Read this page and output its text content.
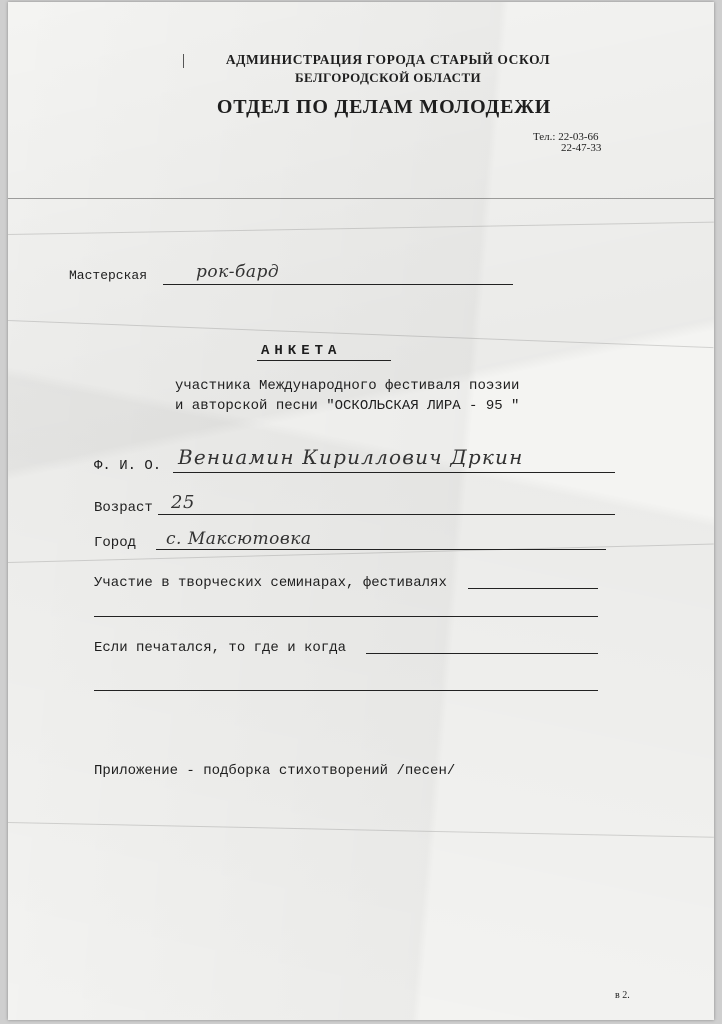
АДМИНИСТРАЦИЯ ГОРОДА СТАРЫЙ ОСКОЛ
БЕЛГОРОДСКОЙ ОБЛАСТИ
ОТДЕЛ ПО ДЕЛАМ МОЛОДЕЖИ
Тел.: 22-03-66
22-47-33
Мастерская	рок-бард
АНКЕТА
участника Международного фестиваля поэзии
и авторской песни "ОСКОЛЬСКАЯ ЛИРА - 95 "
Ф. И. О. Вениамин Кириллович Дркин
Возраст 25
Город с. Максютовка
Участие в творческих семинарах, фестивалях
Если печатался, то где и когда
Приложение - подборка стихотворений /песен/
в 2.
